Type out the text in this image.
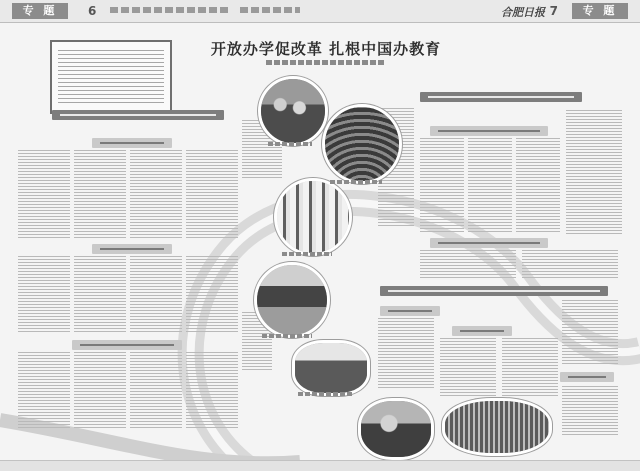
专 题	6	合肥日报 7	专 题
开放办学促改革 扎根中国办教育
